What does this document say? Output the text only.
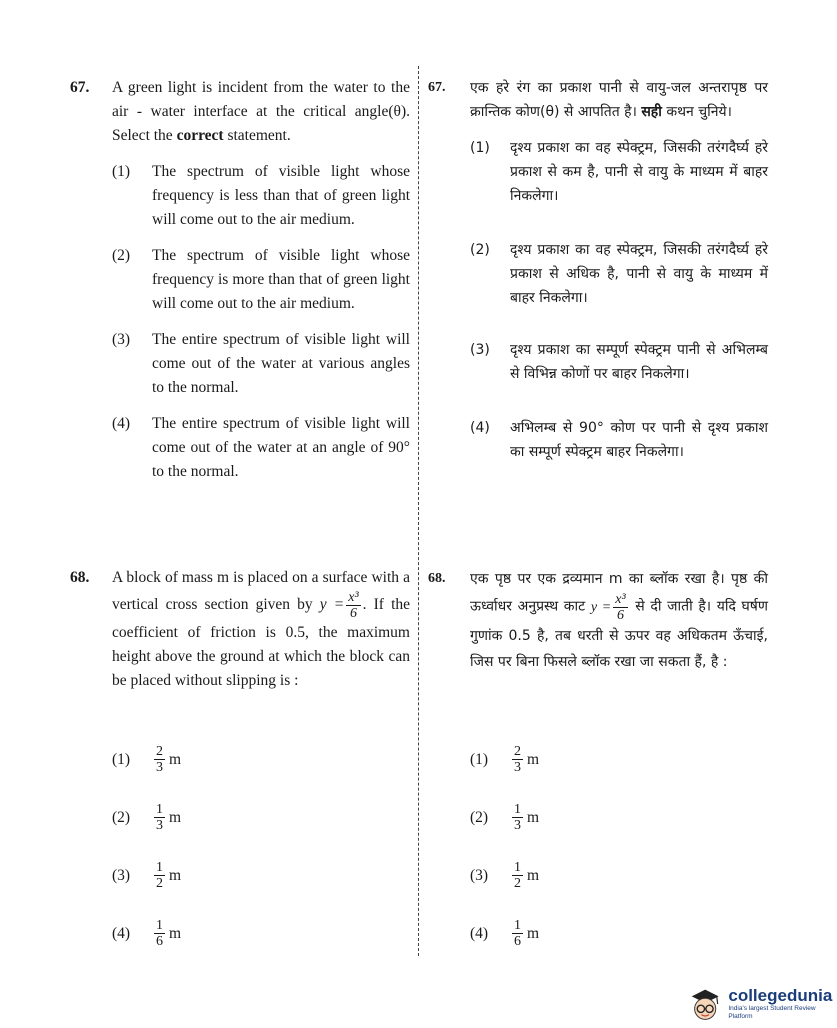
67.	A green light is incident from the water to the air - water interface at the critical angle(θ). Select the correct statement.
(1)	The spectrum of visible light whose frequency is less than that of green light will come out to the air medium.
(2)	The spectrum of visible light whose frequency is more than that of green light will come out to the air medium.
(3)	The entire spectrum of visible light will come out of the water at various angles to the normal.
(4)	The entire spectrum of visible light will come out of the water at an angle of 90° to the normal.
67.	एक हरे रंग का प्रकाश पानी से वायु-जल अन्तरापृष्ठ पर क्रान्तिक कोण(θ) से आपतित है। सही कथन चुनिये।
(1)	दृश्य प्रकाश का वह स्पेक्ट्रम, जिसकी तरंगदैर्घ्य हरे प्रकाश से कम है, पानी से वायु के माध्यम में बाहर निकलेगा।
(2)	दृश्य प्रकाश का वह स्पेक्ट्रम, जिसकी तरंगदैर्घ्य हरे प्रकाश से अधिक है, पानी से वायु के माध्यम में बाहर निकलेगा।
(3)	दृश्य प्रकाश का सम्पूर्ण स्पेक्ट्रम पानी से अभिलम्ब से विभिन्न कोणों पर बाहर निकलेगा।
(4)	अभिलम्ब से 90° कोण पर पानी से दृश्य प्रकाश का सम्पूर्ण स्पेक्ट्रम बाहर निकलेगा।
68.	A block of mass m is placed on a surface with a vertical cross section given by $y = \frac{\text{x³}}{6}$ . If the coefficient of friction is 0.5, the maximum height above the ground at which the block can be placed without slipping is :
68.	एक पृष्ठ पर एक द्रव्यमान m का ब्लॉक रखा है। पृष्ठ की ऊर्ध्वाधर अनुप्रस्थ काट $y = \frac{\text{x³}}{6}$ से दी जाती है। यदि घर्षण गुणांक 0.5 है, तब धरती से ऊपर वह अधिकतम ऊँचाई, जिस पर बिना फिसले ब्लॉक रखा जा सकता हैं, है :
(1)	$\frac{2}{3}$ m
(2)	$\frac{1}{3}$ m
(3)	$\frac{1}{2}$ m
(4)	$\frac{1}{6}$ m
(1)	$\frac{2}{3}$ m
(2)	$\frac{1}{3}$ m
(3)	$\frac{1}{2}$ m
(4)	$\frac{1}{6}$ m
collegedunia
India's largest Student Review Platform
